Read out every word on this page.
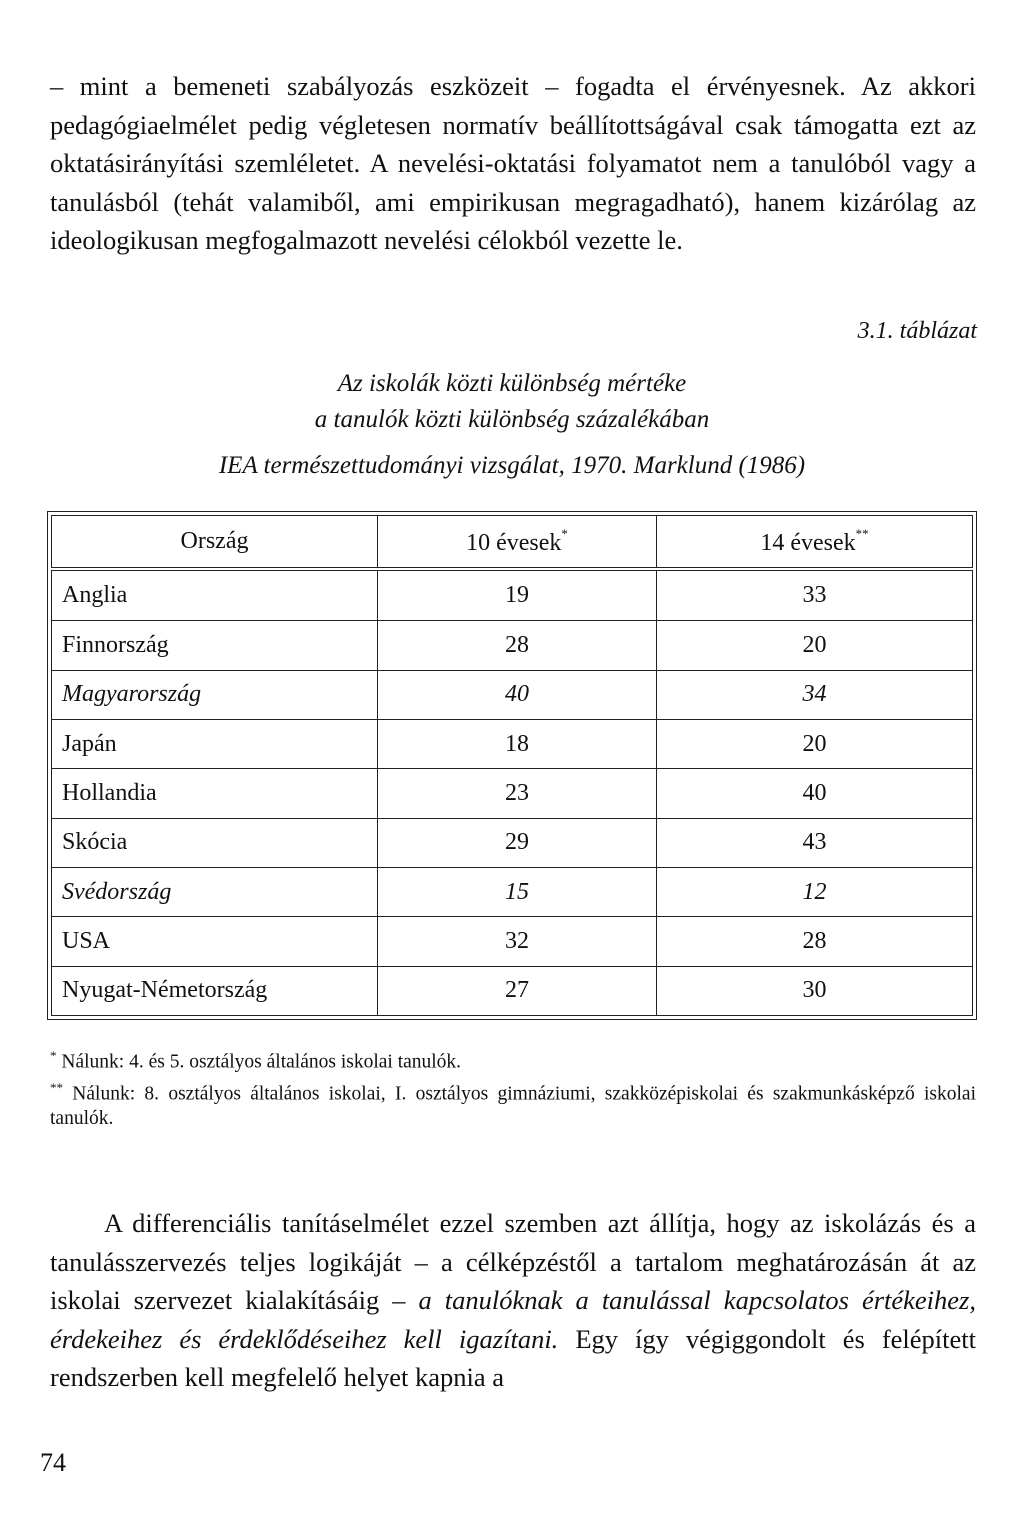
– mint a bemeneti szabályozás eszközeit – fogadta el érvényesnek. Az akkori pedagógiaelmélet pedig végletesen normatív beállítottságával csak támogatta ezt az oktatásirányítási szemléletet. A nevelési-oktatási folyamatot nem a tanulóból vagy a tanulásból (tehát valamiből, ami empirikusan megragadható), hanem kizárólag az ideologikusan megfogalmazott nevelési célokból vezette le.

3.1. táblázat
Az iskolák közti különbség mértéke
a tanulók közti különbség százalékában
IEA természettudományi vizsgálat, 1970. Marklund (1986)
Ország	10 évesek*	14 évesek**
Anglia	19	33
Finnország	28	20
Magyarország	40	34
Japán	18	20
Hollandia	23	40
Skócia	29	43
Svédország	15	12
USA	32	28
Nyugat-Németország	27	30

* Nálunk: 4. és 5. osztályos általános iskolai tanulók.

** Nálunk: 8. osztályos általános iskolai, I. osztályos gimnáziumi, szakközépiskolai és szakmunkásképző iskolai tanulók.

A differenciális tanításelmélet ezzel szemben azt állítja, hogy az iskolázás és a tanulásszervezés teljes logikáját – a célképzéstől a tartalom meghatározásán át az iskolai szervezet kialakításáig – a tanulóknak a tanulással kapcsolatos értékeihez, érdekeihez és érdeklődéseihez kell igazítani. Egy így végiggondolt és felépített rendszerben kell megfelelő helyet kapnia a

74
